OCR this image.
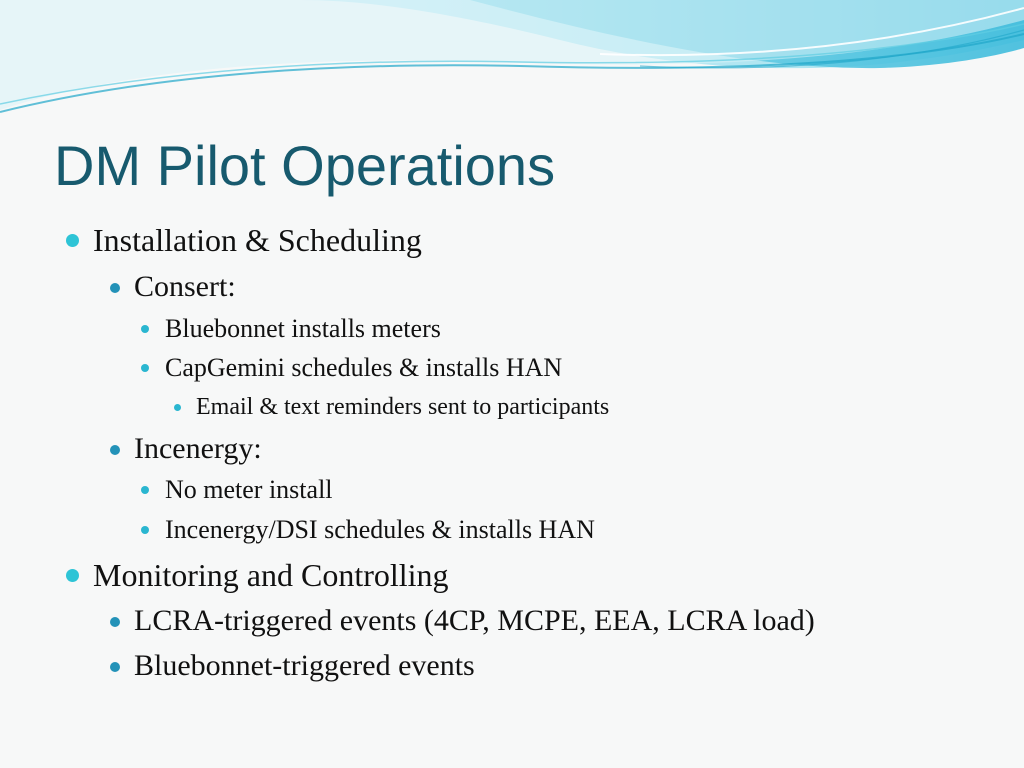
DM Pilot Operations
Installation & Scheduling
Consert:
Bluebonnet installs meters
CapGemini schedules & installs HAN
Email & text reminders sent to participants
Incenergy:
No meter install
Incenergy/DSI schedules & installs HAN
Monitoring and Controlling
LCRA-triggered events (4CP, MCPE, EEA, LCRA load)
Bluebonnet-triggered events
